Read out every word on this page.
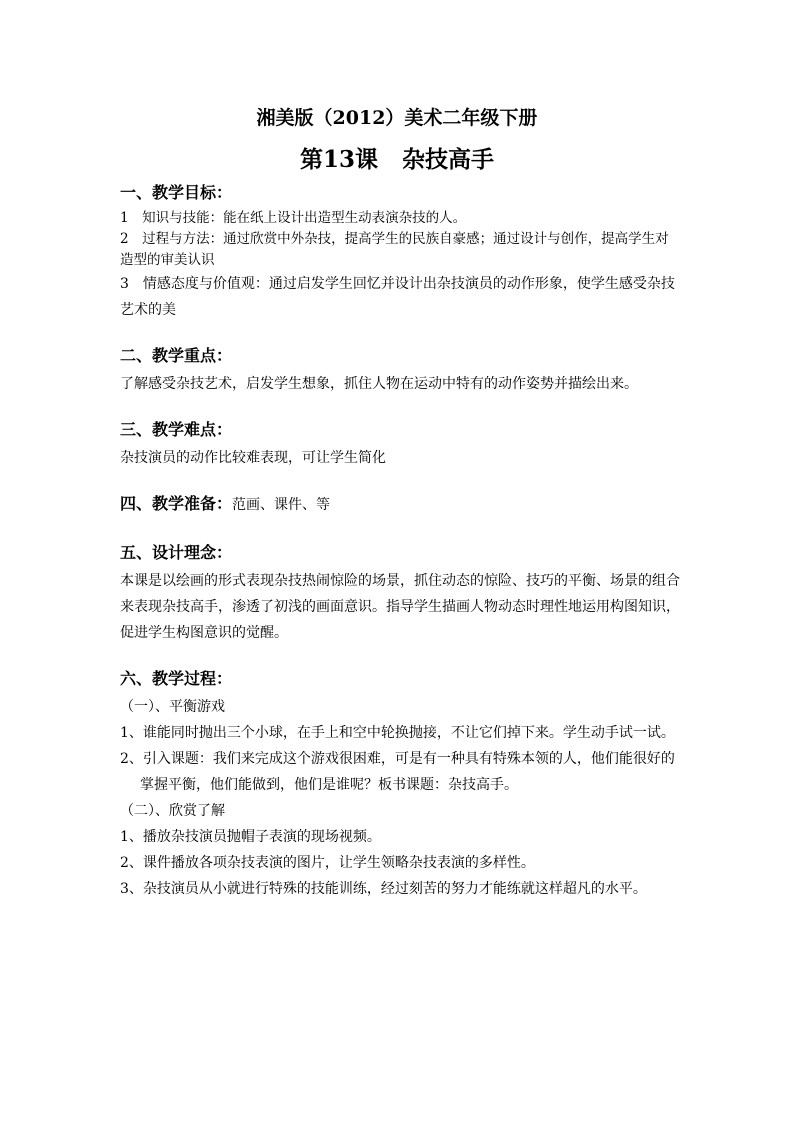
湘美版（2012）美术二年级下册
第13课 杂技高手

一、教学目标：

1　知识与技能：能在纸上设计出造型生动表演杂技的人。

2　过程与方法：通过欣赏中外杂技，提高学生的民族自豪感；通过设计与创作，提高学生对造型的审美认识

3　情感态度与价值观：通过启发学生回忆并设计出杂技演员的动作形象，使学生感受杂技艺术的美

二、教学重点：

了解感受杂技艺术，启发学生想象，抓住人物在运动中特有的动作姿势并描绘出来。

三、教学难点：

杂技演员的动作比较难表现，可让学生简化

四、教学准备：范画、课件、等

五、设计理念：

本课是以绘画的形式表现杂技热闹惊险的场景，抓住动态的惊险、技巧的平衡、场景的组合来表现杂技高手，渗透了初浅的画面意识。指导学生描画人物动态时理性地运用构图知识，促进学生构图意识的觉醒。

六、教学过程：

（一）、平衡游戏

1、谁能同时抛出三个小球，在手上和空中轮换抛接，不让它们掉下来。学生动手试一试。

2、引入课题：我们来完成这个游戏很困难，可是有一种具有特殊本领的人，他们能很好的掌握平衡，他们能做到，他们是谁呢？板书课题：杂技高手。

（二）、欣赏了解

1、播放杂技演员抛帽子表演的现场视频。

2、课件播放各项杂技表演的图片，让学生领略杂技表演的多样性。

3、杂技演员从小就进行特殊的技能训练，经过刻苦的努力才能练就这样超凡的水平。
